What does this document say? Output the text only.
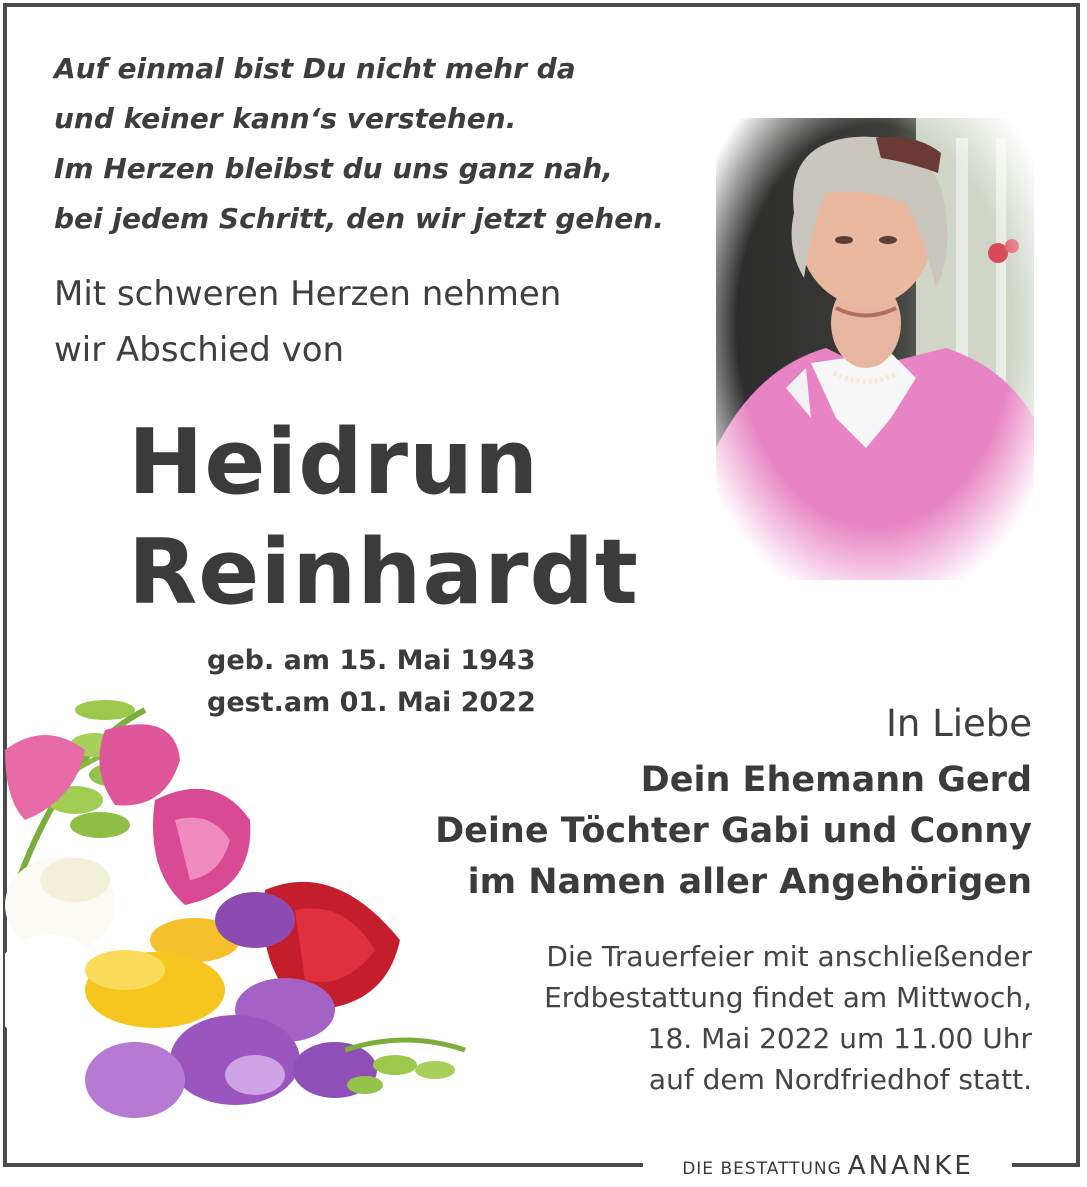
Auf einmal bist Du nicht mehr da
und keiner kann‘s verstehen.
Im Herzen bleibst du uns ganz nah,
bei jedem Schritt, den wir jetzt gehen.
Mit schweren Herzen nehmen
wir Abschied von
Heidrun
Reinhardt
geb. am 15. Mai 1943
gest.am 01. Mai 2022	In Liebe
Dein Ehemann Gerd
Deine Töchter Gabi und Conny
im Namen aller Angehörigen
Die Trauerfeier mit anschließender
Erdbestattung findet am Mittwoch,
18. Mai 2022 um 11.00 Uhr
auf dem Nordfriedhof statt.
DIE BESTATTUNG ANANKE
